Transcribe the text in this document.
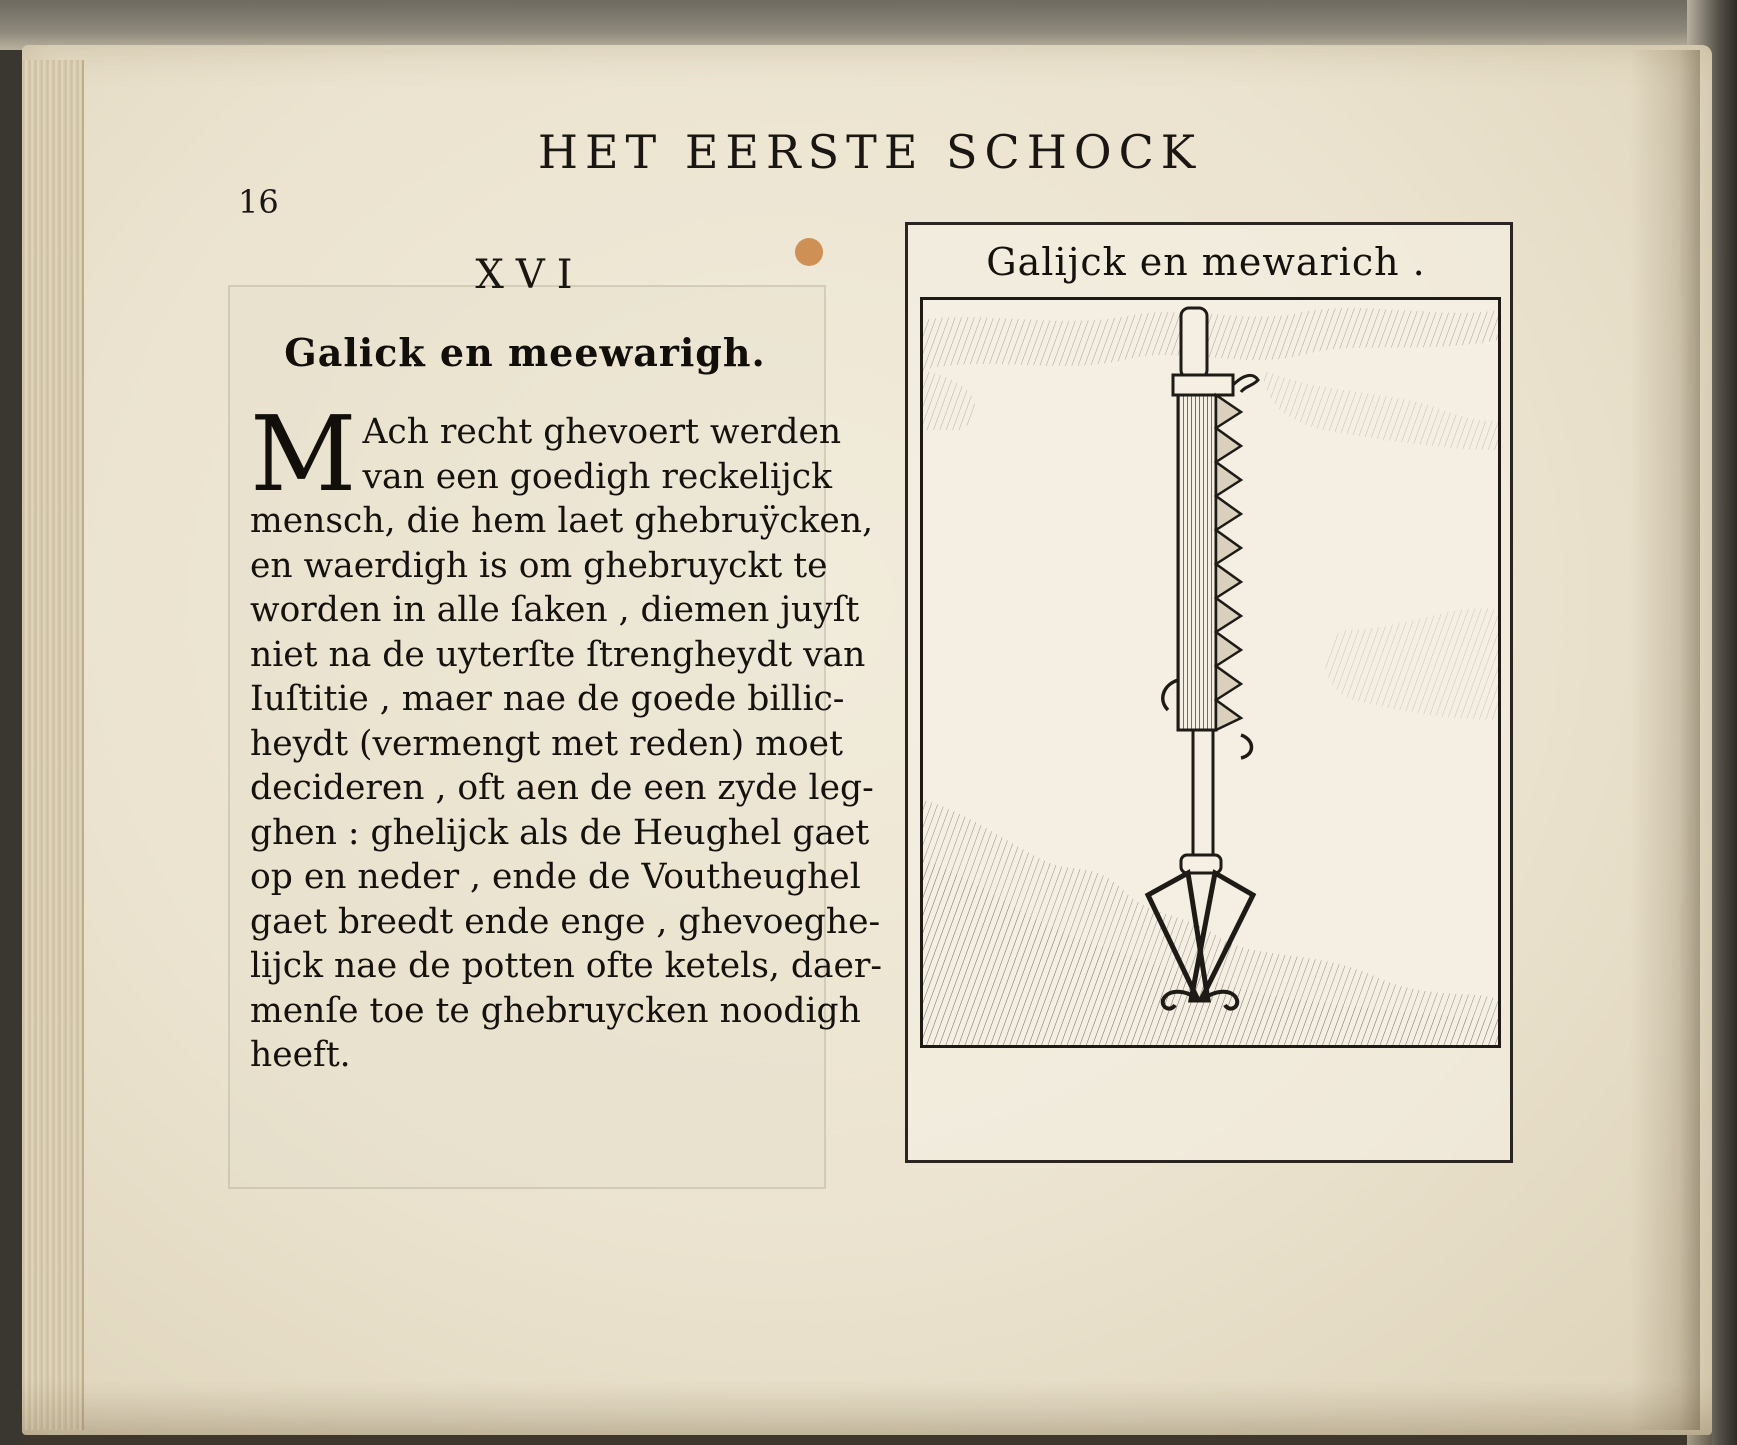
HET EERSTE SCHOCK
16
XVI
Galick en meewarigh.
M Ach recht ghevoert werden
van een goedigh reckelijck
mensch, die hem laet ghebruÿcken,
en waerdigh is om ghebruyckt te
worden in alle ſaken , diemen juyſt
niet na de uyterſte ſtrengheydt van
Iuſtitie , maer nae de goede billic-
heydt (vermengt met reden) moet
decideren , oft aen de een zyde leg-
ghen : ghelijck als de Heughel gaet
op en neder , ende de Voutheughel
gaet breedt ende enge , ghevoeghe-
lijck nae de potten ofte ketels, daer-
menſe toe te ghebruycken noodigh
heeft.
Galijck en mewarich .
